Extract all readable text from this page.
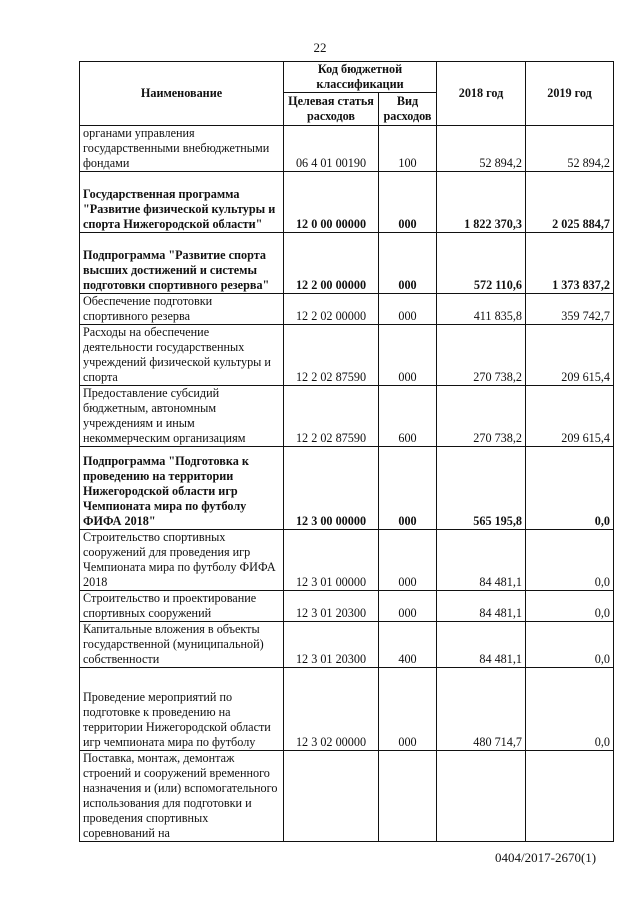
22
Наименование	Код бюджетной классификации		2018 год	2019 год
	Целевая статья расходов	Вид расходов		
органами управления государственными внебюджетными фондами	06 4 01 00190	100	52 894,2	52 894,2
Государственная программа "Развитие физической культуры и спорта Нижегородской области"	12 0 00 00000	000	1 822 370,3	2 025 884,7
Подпрограмма "Развитие спорта высших достижений и системы подготовки спортивного резерва"	12 2 00 00000	000	572 110,6	1 373 837,2
Обеспечение подготовки спортивного резерва	12 2 02 00000	000	411 835,8	359 742,7
Расходы на обеспечение деятельности государственных учреждений физической культуры и спорта	12 2 02 87590	000	270 738,2	209 615,4
Предоставление субсидий бюджетным, автономным учреждениям и иным некоммерческим организациям	12 2 02 87590	600	270 738,2	209 615,4
Подпрограмма "Подготовка к проведению на территории Нижегородской области игр Чемпионата мира по футболу ФИФА 2018"	12 3 00 00000	000	565 195,8	0,0
Строительство спортивных сооружений для проведения игр Чемпионата мира по футболу ФИФА 2018	12 3 01 00000	000	84 481,1	0,0
Строительство и проектирование спортивных сооружений	12 3 01 20300	000	84 481,1	0,0
Капитальные вложения в объекты государственной (муниципальной) собственности	12 3 01 20300	400	84 481,1	0,0
Проведение мероприятий по подготовке к проведению на территории Нижегородской области игр чемпионата мира по футболу	12 3 02 00000	000	480 714,7	0,0
Поставка, монтаж, демонтаж строений и сооружений временного назначения и (или) вспомогательного использования для подготовки и проведения спортивных соревнований на				
0404/2017-2670(1)
